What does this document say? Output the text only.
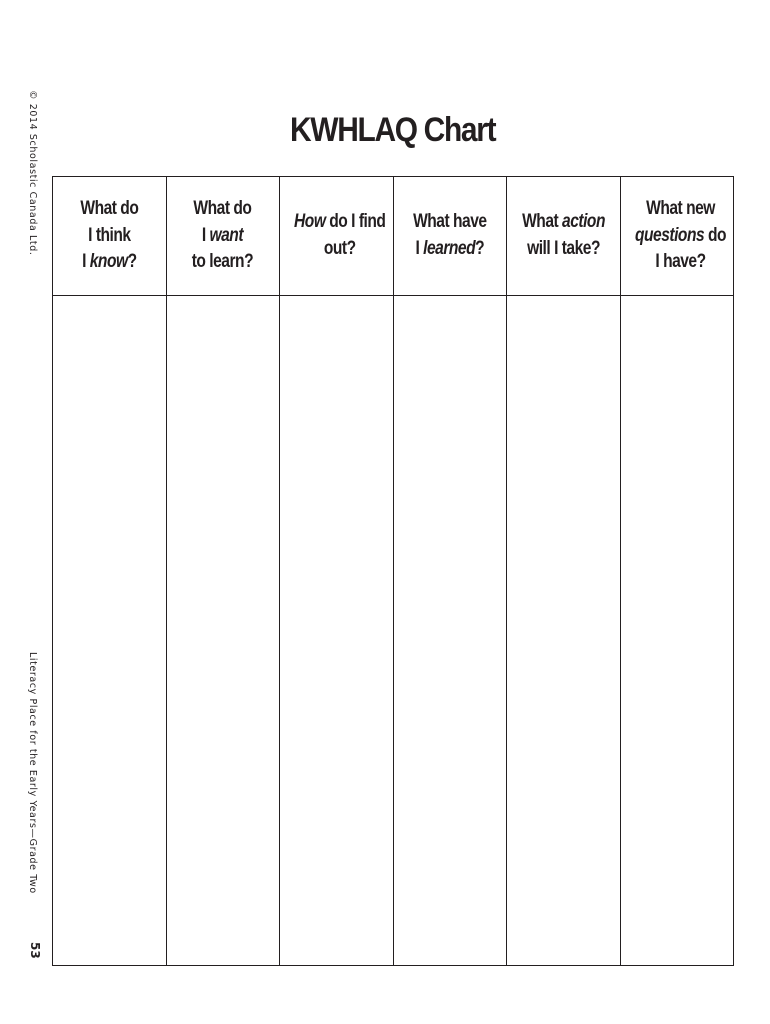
© 2014 Scholastic Canada Ltd.
Literacy Place for the Early Years—Grade Two
53
KWHLAQ Chart
What do
I think
I know?	What do
I want
to learn?	How do I find
out?	What have
I learned?	What action
will I take?	What new
questions do
I have?
